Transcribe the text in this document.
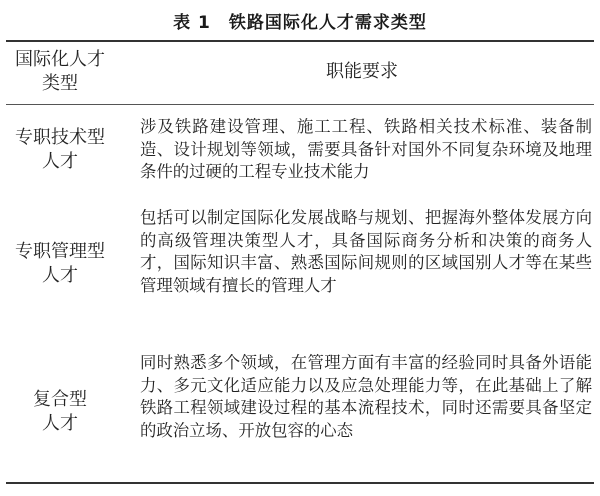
表 1 铁路国际化人才需求类型
国际化人才
类型
职能要求
专职技术型
人才
涉及铁路建设管理、施工工程、铁路相关技术标准、装备制造、设计规划等领域，需要具备针对国外不同复杂环境及地理条件的过硬的工程专业技术能力
专职管理型
人才
包括可以制定国际化发展战略与规划、把握海外整体发展方向的高级管理决策型人才，具备国际商务分析和决策的商务人才，国际知识丰富、熟悉国际间规则的区域国别人才等在某些管理领域有擅长的管理人才
复合型
人才
同时熟悉多个领域，在管理方面有丰富的经验同时具备外语能力、多元文化适应能力以及应急处理能力等，在此基础上了解铁路工程领域建设过程的基本流程技术，同时还需要具备坚定的政治立场、开放包容的心态
